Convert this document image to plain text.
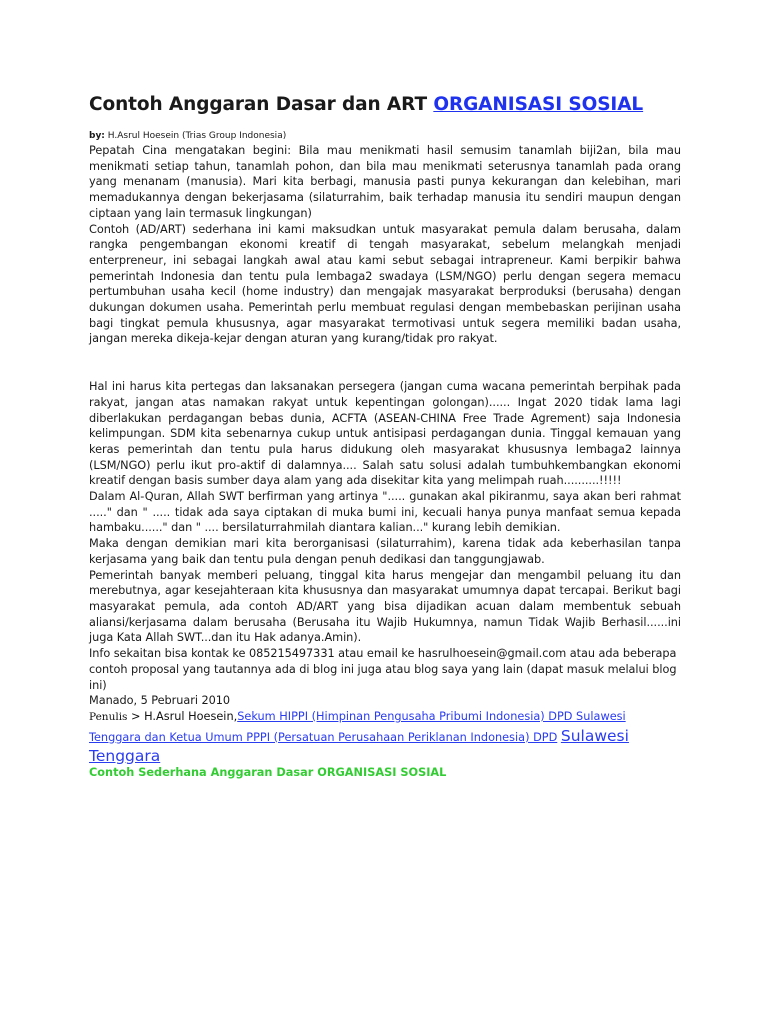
Contoh Anggaran Dasar dan ART ORGANISASI SOSIAL
by: H.Asrul Hoesein (Trias Group Indonesia)

Pepatah Cina mengatakan begini: Bila mau menikmati hasil semusim tanamlah biji2an, bila mau menikmati setiap tahun, tanamlah pohon, dan bila mau menikmati seterusnya tanamlah pada orang yang menanam (manusia). Mari kita berbagi, manusia pasti punya kekurangan dan kelebihan, mari memadukannya dengan bekerjasama (silaturrahim, baik terhadap manusia itu sendiri maupun dengan ciptaan yang lain termasuk lingkungan)

Contoh (AD/ART) sederhana ini kami maksudkan untuk masyarakat pemula dalam berusaha, dalam rangka pengembangan ekonomi kreatif di tengah masyarakat, sebelum melangkah menjadi enterpreneur, ini sebagai langkah awal atau kami sebut sebagai intrapreneur. Kami berpikir bahwa pemerintah Indonesia dan tentu pula lembaga2 swadaya (LSM/NGO) perlu dengan segera memacu pertumbuhan usaha kecil (home industry) dan mengajak masyarakat berproduksi (berusaha) dengan dukungan dokumen usaha. Pemerintah perlu membuat regulasi dengan membebaskan perijinan usaha bagi tingkat pemula khususnya, agar masyarakat termotivasi untuk segera memiliki badan usaha, jangan mereka dikeja-kejar dengan aturan yang kurang/tidak pro rakyat.

Hal ini harus kita pertegas dan laksanakan persegera (jangan cuma wacana pemerintah berpihak pada rakyat, jangan atas namakan rakyat untuk kepentingan golongan)...... Ingat 2020 tidak lama lagi diberlakukan perdagangan bebas dunia, ACFTA (ASEAN-CHINA Free Trade Agrement) saja Indonesia kelimpungan. SDM kita sebenarnya cukup untuk antisipasi perdagangan dunia. Tinggal kemauan yang keras pemerintah dan tentu pula harus didukung oleh masyarakat khususnya lembaga2 lainnya (LSM/NGO) perlu ikut pro-aktif di dalamnya.... Salah satu solusi adalah tumbuhkembangkan ekonomi kreatif dengan basis sumber daya alam yang ada disekitar kita yang melimpah ruah..........!!!!!

Dalam Al-Quran, Allah SWT berfirman yang artinya "..... gunakan akal pikiranmu, saya akan beri rahmat ....." dan " ..... tidak ada saya ciptakan di muka bumi ini, kecuali hanya punya manfaat semua kepada hambaku......" dan " .... bersilaturrahmilah diantara kalian..." kurang lebih demikian.

Maka dengan demikian mari kita berorganisasi (silaturrahim), karena tidak ada keberhasilan tanpa kerjasama yang baik dan tentu pula dengan penuh dedikasi dan tanggungjawab.

Pemerintah banyak memberi peluang, tinggal kita harus mengejar dan mengambil peluang itu dan merebutnya, agar kesejahteraan kita khususnya dan masyarakat umumnya dapat tercapai. Berikut bagi masyarakat pemula, ada contoh AD/ART yang bisa dijadikan acuan dalam membentuk sebuah aliansi/kerjasama dalam berusaha (Berusaha itu Wajib Hukumnya, namun Tidak Wajib Berhasil......ini juga Kata Allah SWT...dan itu Hak adanya.Amin).

Info sekaitan bisa kontak ke 085215497331 atau email ke hasrulhoesein@gmail.com atau ada beberapa contoh proposal yang tautannya ada di blog ini juga atau blog saya yang lain (dapat masuk melalui blog ini)

Manado, 5 Pebruari 2010

Penulis > H.Asrul Hoesein,Sekum HIPPI (Himpinan Pengusaha Pribumi Indonesia) DPD Sulawesi Tenggara dan Ketua Umum PPPI (Persatuan Perusahaan Periklanan Indonesia) DPD Sulawesi Tenggara
Contoh Sederhana Anggaran Dasar ORGANISASI SOSIAL
